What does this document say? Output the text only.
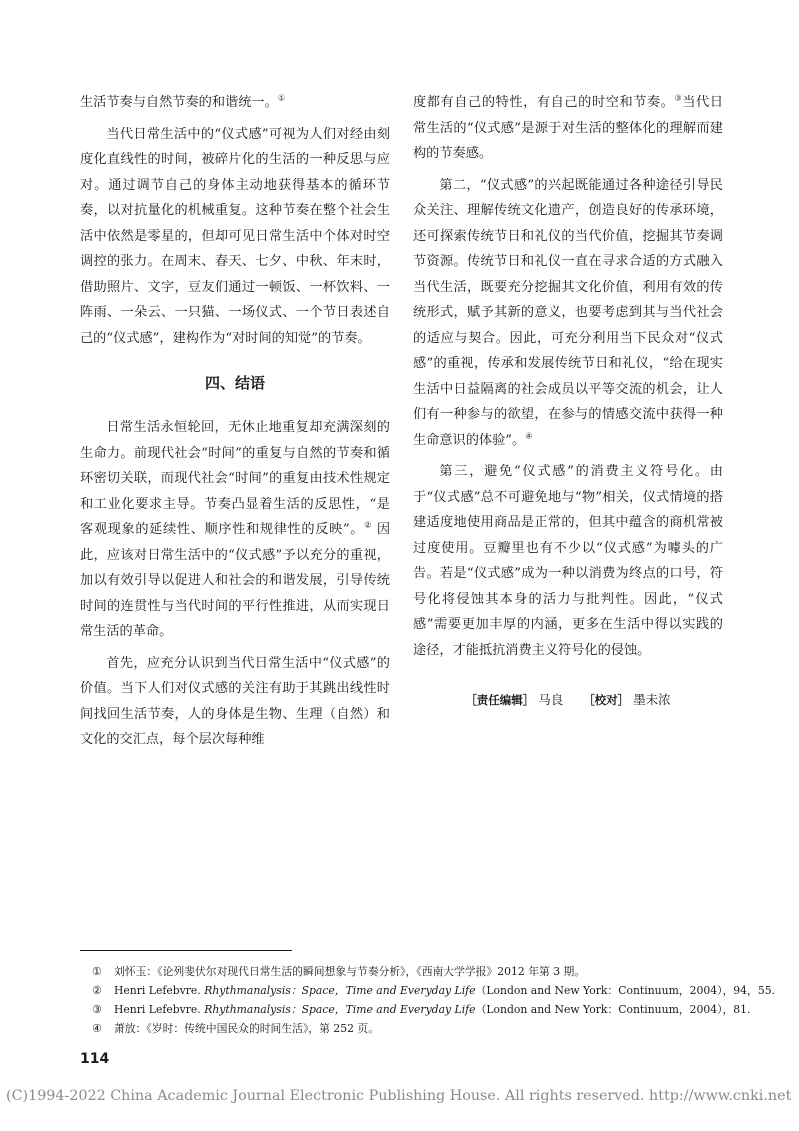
生活节奏与自然节奏的和谐统一。①

当代日常生活中的“仪式感”可视为人们对经由刻度化直线性的时间，被碎片化的生活的一种反思与应对。通过调节自己的身体主动地获得基本的循环节奏，以对抗量化的机械重复。这种节奏在整个社会生活中依然是零星的，但却可见日常生活中个体对时空调控的张力。在周末、春天、七夕、中秋、年末时，借助照片、文字，豆友们通过一顿饭、一杯饮料、一阵雨、一朵云、一只猫、一场仪式、一个节日表述自己的“仪式感”，建构作为“对时间的知觉”的节奏。

四、结语

日常生活永恒轮回，无休止地重复却充满深刻的生命力。前现代社会“时间”的重复与自然的节奏和循环密切关联，而现代社会“时间”的重复由技术性规定和工业化要求主导。节奏凸显着生活的反思性，“是客观现象的延续性、顺序性和规律性的反映”。② 因此，应该对日常生活中的“仪式感”予以充分的重视，加以有效引导以促进人和社会的和谐发展，引导传统时间的连贯性与当代时间的平行性推进，从而实现日常生活的革命。

首先，应充分认识到当代日常生活中“仪式感”的价值。当下人们对仪式感的关注有助于其跳出线性时间找回生活节奏，人的身体是生物、生理（自然）和文化的交汇点，每个层次每种维

度都有自己的特性，有自己的时空和节奏。③当代日常生活的“仪式感”是源于对生活的整体化的理解而建构的节奏感。

第二，“仪式感”的兴起既能通过各种途径引导民众关注、理解传统文化遗产，创造良好的传承环境，还可探索传统节日和礼仪的当代价值，挖掘其节奏调节资源。传统节日和礼仪一直在寻求合适的方式融入当代生活，既要充分挖掘其文化价值，利用有效的传统形式，赋予其新的意义，也要考虑到其与当代社会的适应与契合。因此，可充分利用当下民众对“仪式感”的重视，传承和发展传统节日和礼仪，“给在现实生活中日益隔离的社会成员以平等交流的机会，让人们有一种参与的欲望，在参与的情感交流中获得一种生命意识的体验”。④

第三，避免“仪式感”的消费主义符号化。由于“仪式感”总不可避免地与“物”相关，仪式情境的搭建适度地使用商品是正常的，但其中蕴含的商机常被过度使用。豆瓣里也有不少以“仪式感”为噱头的广告。若是“仪式感”成为一种以消费为终点的口号，符号化将侵蚀其本身的活力与批判性。因此，“仪式感”需要更加丰厚的内涵，更多在生活中得以实践的途径，才能抵抗消费主义符号化的侵蚀。

［责任编辑］ 马良 ［校对］ 墨未浓
① 刘怀玉：《论列斐伏尔对现代日常生活的瞬间想象与节奏分析》，《西南大学学报》2012 年第 3 期。
② Henri Lefebvre. Rhythmanalysis：Space，Time and Everyday Life（London and New York：Continuum，2004），94，55.
③ Henri Lefebvre. Rhythmanalysis：Space，Time and Everyday Life（London and New York：Continuum，2004），81.
④ 萧放：《岁时：传统中国民众的时间生活》，第 252 页。
114
(C)1994-2022 China Academic Journal Electronic Publishing House. All rights reserved. http://www.cnki.net
